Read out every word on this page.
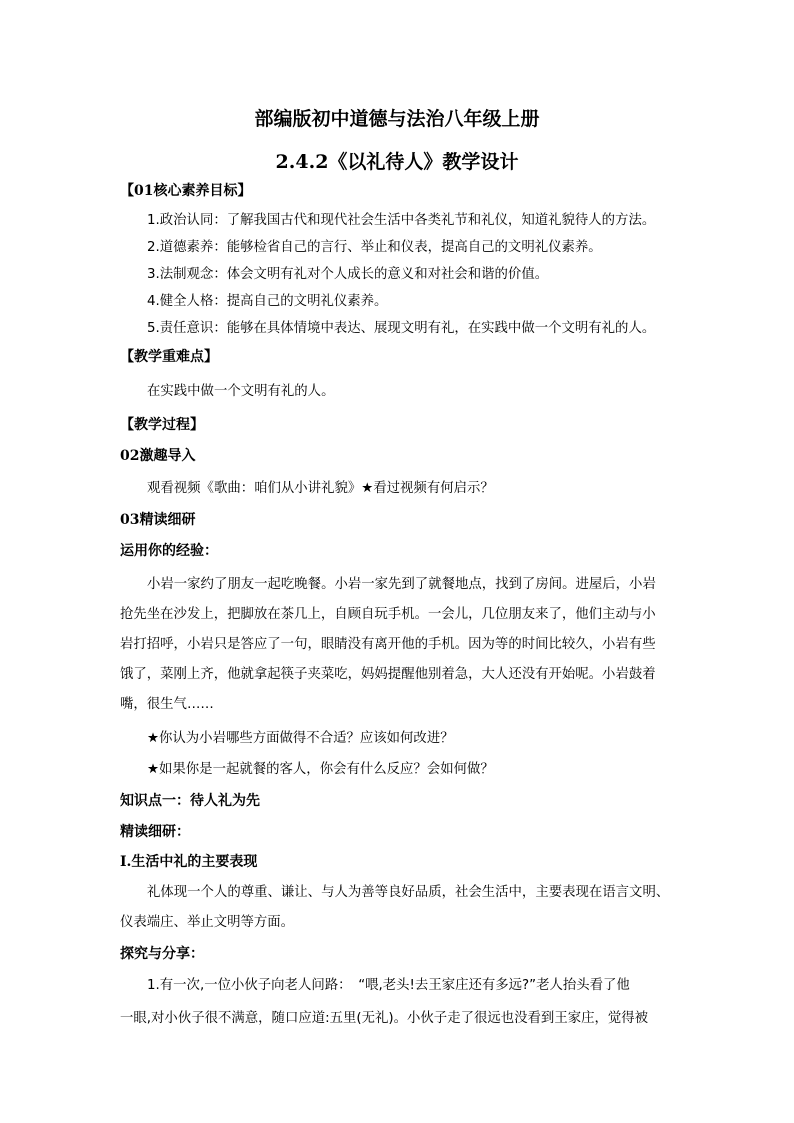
部编版初中道德与法治八年级上册
2.4.2《以礼待人》教学设计
【01核心素养目标】
1.政治认同：了解我国古代和现代社会生活中各类礼节和礼仪，知道礼貌待人的方法。
2.道德素养：能够检省自己的言行、举止和仪表，提高自己的文明礼仪素养。
3.法制观念：体会文明有礼对个人成长的意义和对社会和谐的价值。
4.健全人格：提高自己的文明礼仪素养。
5.责任意识：能够在具体情境中表达、展现文明有礼，在实践中做一个文明有礼的人。
【教学重难点】
在实践中做一个文明有礼的人。
【教学过程】
02激趣导入
观看视频《歌曲：咱们从小讲礼貌》★看过视频有何启示？
03精读细研
运用你的经验：
小岩一家约了朋友一起吃晚餐。小岩一家先到了就餐地点，找到了房间。进屋后，小岩
抢先坐在沙发上，把脚放在茶几上，自顾自玩手机。一会儿，几位朋友来了，他们主动与小
岩打招呼，小岩只是答应了一句，眼睛没有离开他的手机。因为等的时间比较久，小岩有些
饿了，菜刚上齐，他就拿起筷子夹菜吃，妈妈提醒他别着急，大人还没有开始呢。小岩鼓着
嘴，很生气……
★你认为小岩哪些方面做得不合适？应该如何改进？
★如果你是一起就餐的客人，你会有什么反应？会如何做？
知识点一：待人礼为先
精读细研：
Ⅰ.生活中礼的主要表现
礼体现一个人的尊重、谦让、与人为善等良好品质，社会生活中，主要表现在语言文明、
仪表端庄、举止文明等方面。
探究与分享：
1.有一次,一位小伙子向老人问路：　“喂,老头!去王家庄还有多远?”老人抬头看了他
一眼,对小伙子很不满意，随口应道:五里(无礼)。小伙子走了很远也没看到王家庄，觉得被
